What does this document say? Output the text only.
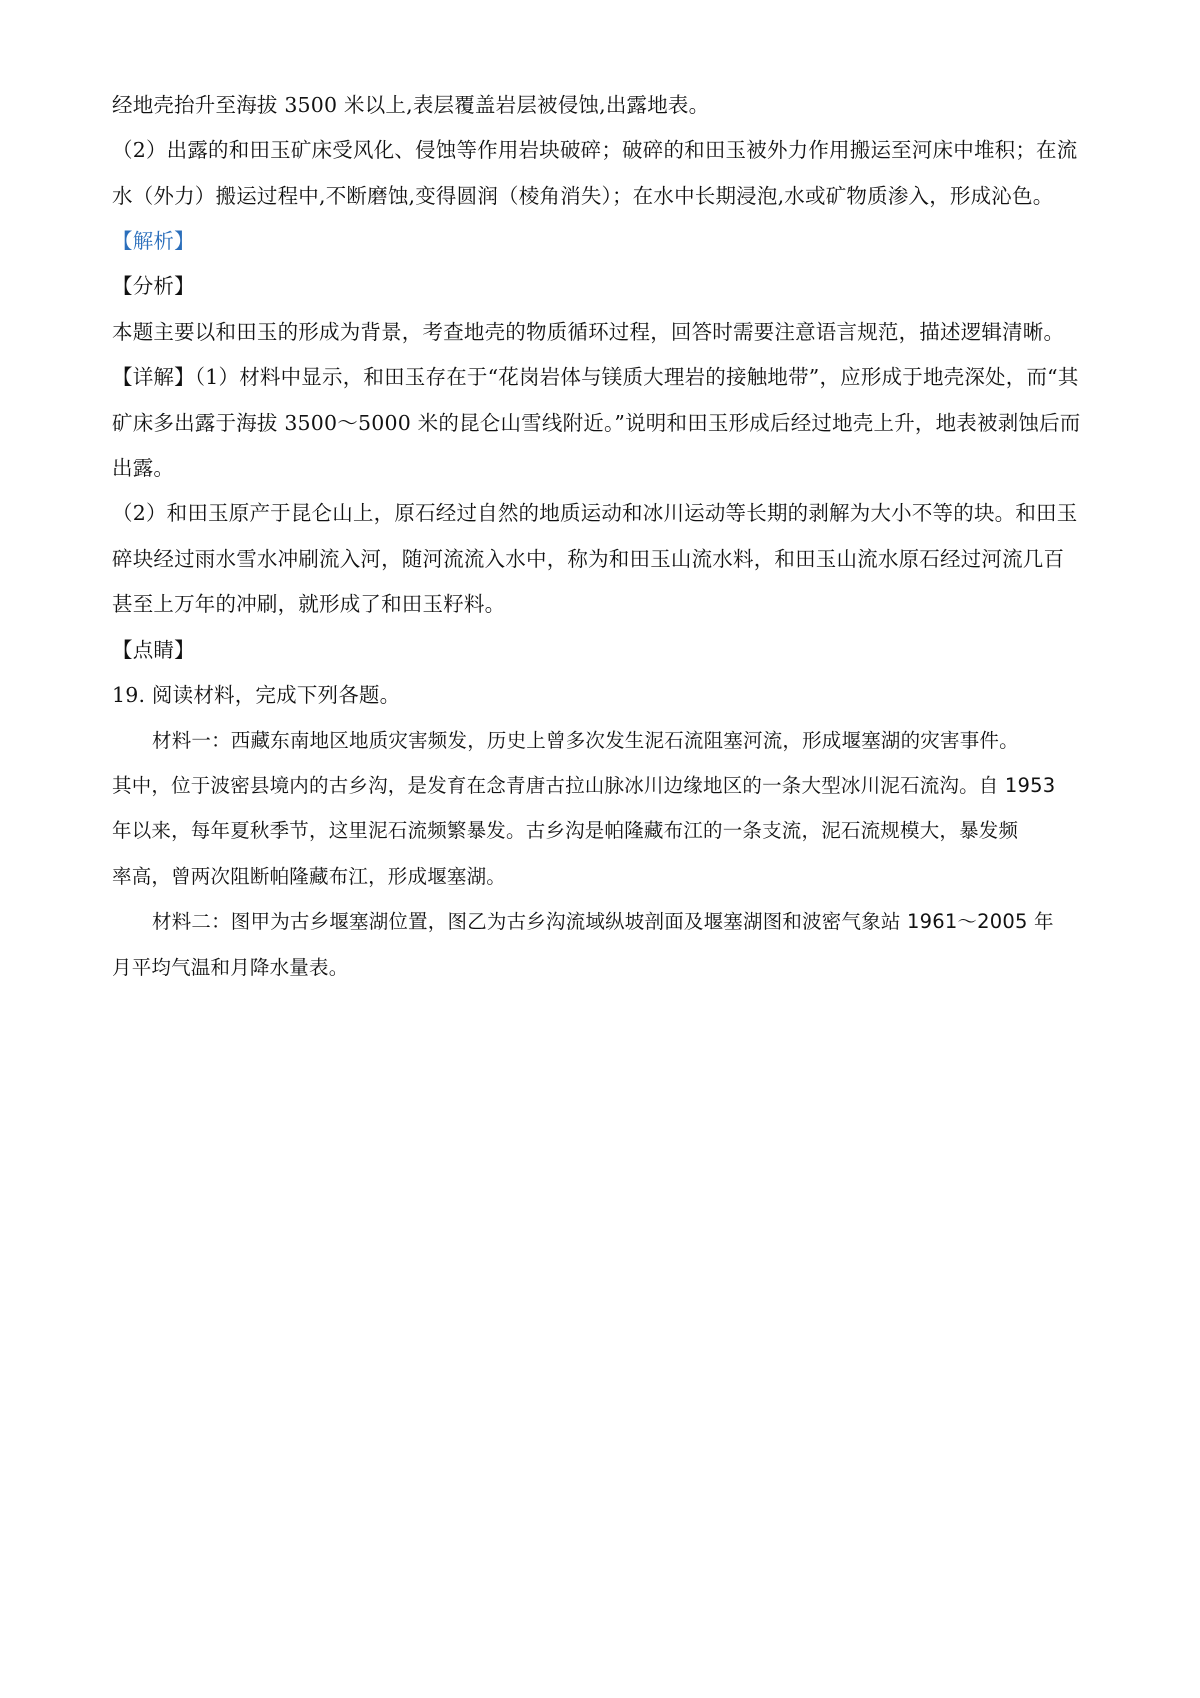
经地壳抬升至海拔 3500 米以上,表层覆盖岩层被侵蚀,出露地表。
（2）出露的和田玉矿床受风化、侵蚀等作用岩块破碎；破碎的和田玉被外力作用搬运至河床中堆积；在流
水（外力）搬运过程中,不断磨蚀,变得圆润（棱角消失）；在水中长期浸泡,水或矿物质渗入，形成沁色。
【解析】
【分析】
本题主要以和田玉的形成为背景，考查地壳的物质循环过程，回答时需要注意语言规范，描述逻辑清晰。
【详解】（1）材料中显示，和田玉存在于“花岗岩体与镁质大理岩的接触地带”，应形成于地壳深处，而“其
矿床多出露于海拔 3500～5000 米的昆仑山雪线附近。”说明和田玉形成后经过地壳上升，地表被剥蚀后而
出露。
（2）和田玉原产于昆仑山上，原石经过自然的地质运动和冰川运动等长期的剥解为大小不等的块。和田玉
碎块经过雨水雪水冲刷流入河，随河流流入水中，称为和田玉山流水料，和田玉山流水原石经过河流几百
甚至上万年的冲刷，就形成了和田玉籽料。
【点睛】
19. 阅读材料，完成下列各题。
材料一：西藏东南地区地质灾害频发，历史上曾多次发生泥石流阻塞河流，形成堰塞湖的灾害事件。
其中，位于波密县境内的古乡沟，是发育在念青唐古拉山脉冰川边缘地区的一条大型冰川泥石流沟。自 1953
年以来，每年夏秋季节，这里泥石流频繁暴发。古乡沟是帕隆藏布江的一条支流，泥石流规模大，暴发频
率高，曾两次阻断帕隆藏布江，形成堰塞湖。
材料二：图甲为古乡堰塞湖位置，图乙为古乡沟流域纵坡剖面及堰塞湖图和波密气象站 1961～2005 年
月平均气温和月降水量表。
